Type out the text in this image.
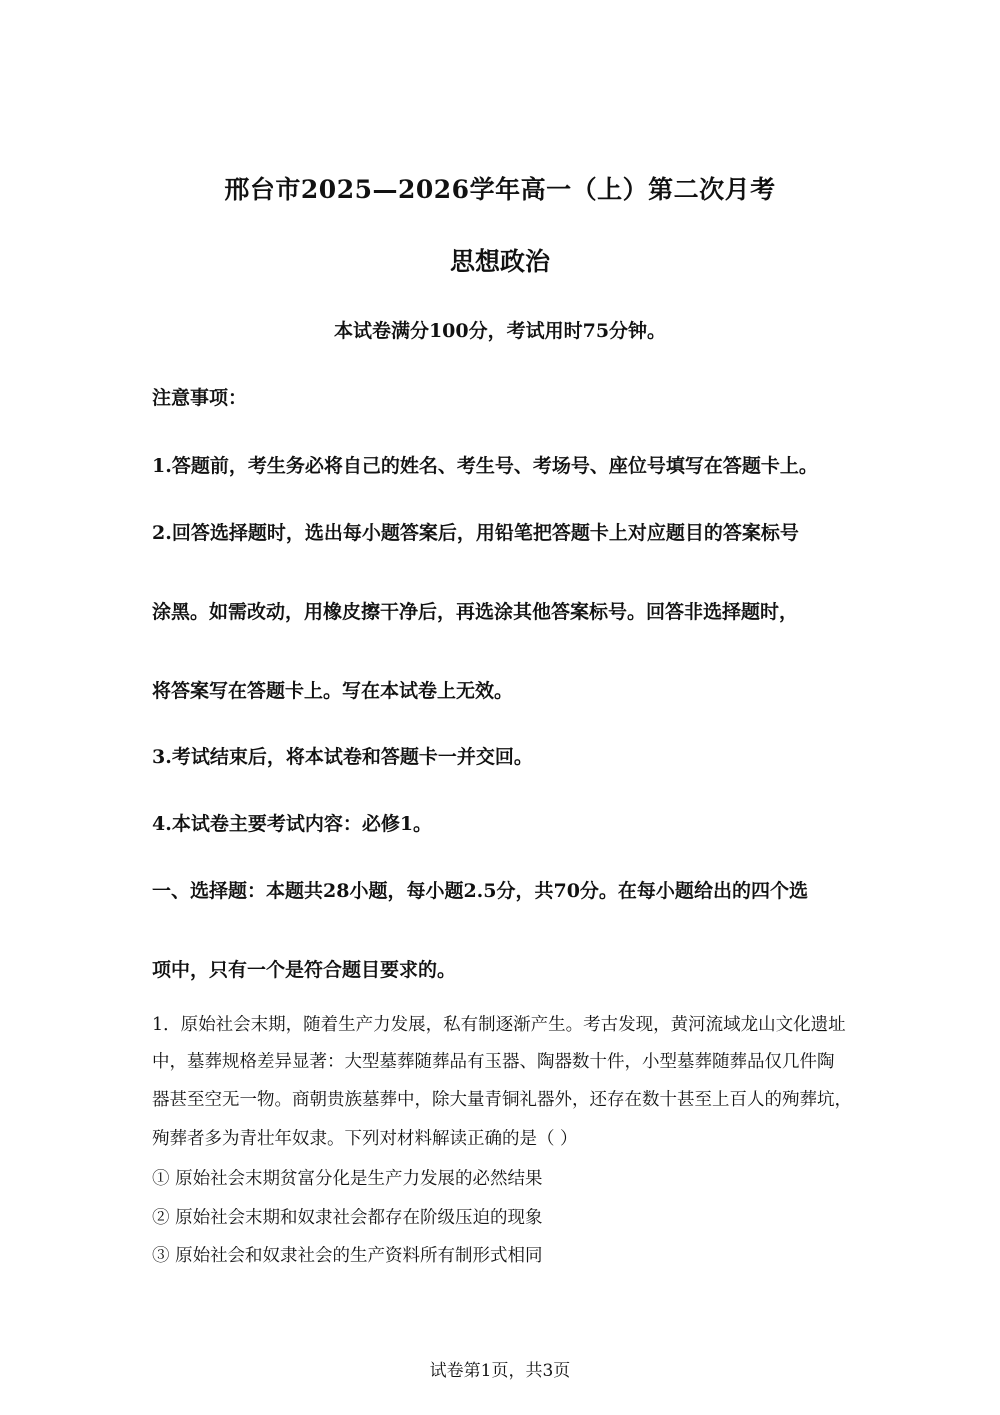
邢台市2025—2026学年高一（上）第二次月考
思想政治
本试卷满分100分，考试用时75分钟。
注意事项：
1.答题前，考生务必将自己的姓名、考生号、考场号、座位号填写在答题卡上。
2.回答选择题时，选出每小题答案后，用铅笔把答题卡上对应题目的答案标号
涂黑。如需改动，用橡皮擦干净后，再选涂其他答案标号。回答非选择题时，
将答案写在答题卡上。写在本试卷上无效。
3.考试结束后，将本试卷和答题卡一并交回。
4.本试卷主要考试内容：必修1。
一、选择题：本题共28小题，每小题2.5分，共70分。在每小题给出的四个选
项中，只有一个是符合题目要求的。
1．原始社会末期，随着生产力发展，私有制逐渐产生。考古发现，黄河流域龙山文化遗址
中，墓葬规格差异显著：大型墓葬随葬品有玉器、陶器数十件，小型墓葬随葬品仅几件陶
器甚至空无一物。商朝贵族墓葬中，除大量青铜礼器外，还存在数十甚至上百人的殉葬坑，
殉葬者多为青壮年奴隶。下列对材料解读正确的是（ ）
① 原始社会末期贫富分化是生产力发展的必然结果
② 原始社会末期和奴隶社会都存在阶级压迫的现象
③ 原始社会和奴隶社会的生产资料所有制形式相同
试卷第1页，共3页
